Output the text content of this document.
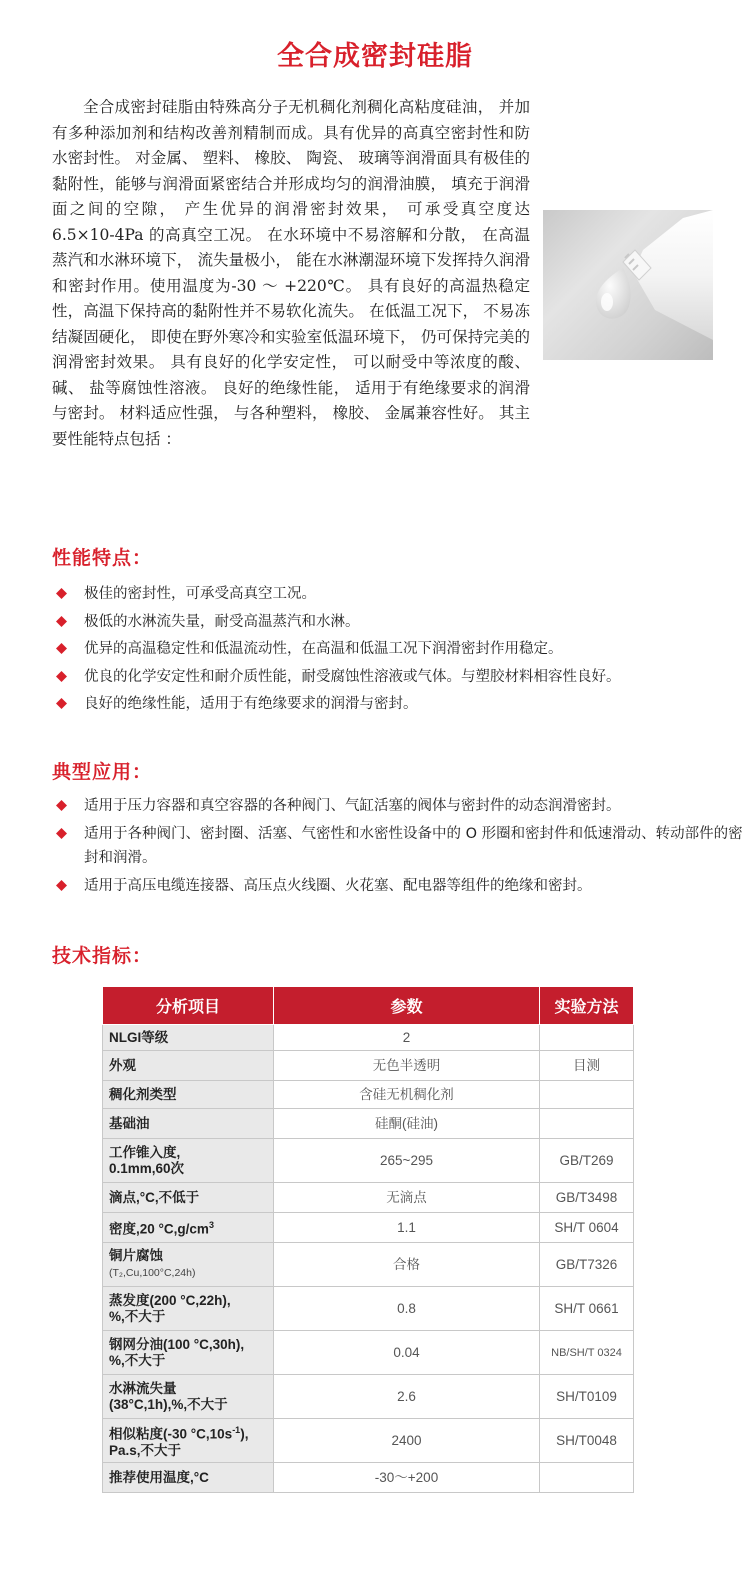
全合成密封硅脂

全合成密封硅脂由特殊高分子无机稠化剂稠化高粘度硅油， 并加有多种添加剂和结构改善剂精制而成。具有优异的高真空密封性和防水密封性。 对金属、 塑料、 橡胶、 陶瓷、 玻璃等润滑面具有极佳的黏附性，能够与润滑面紧密结合并形成均匀的润滑油膜， 填充于润滑面之间的空隙， 产生优异的润滑密封效果， 可承受真空度达 6.5×10-4Pa 的高真空工况。 在水环境中不易溶解和分散， 在高温蒸汽和水淋环境下， 流失量极小， 能在水淋潮湿环境下发挥持久润滑和密封作用。使用温度为-30 ～ +220℃。 具有良好的高温热稳定性，高温下保持高的黏附性并不易软化流失。 在低温工况下， 不易冻结凝固硬化， 即使在野外寒冷和实验室低温环境下， 仍可保持完美的润滑密封效果。 具有良好的化学安定性， 可以耐受中等浓度的酸、 碱、 盐等腐蚀性溶液。 良好的绝缘性能， 适用于有绝缘要求的润滑与密封。 材料适应性强， 与各种塑料， 橡胶、 金属兼容性好。 其主要性能特点包括 ：

性能特点：
极佳的密封性，可承受高真空工况。
极低的水淋流失量，耐受高温蒸汽和水淋。
优异的高温稳定性和低温流动性，在高温和低温工况下润滑密封作用稳定。
优良的化学安定性和耐介质性能，耐受腐蚀性溶液或气体。与塑胶材料相容性良好。
良好的绝缘性能，适用于有绝缘要求的润滑与密封。
典型应用：
适用于压力容器和真空容器的各种阀门、气缸活塞的阀体与密封件的动态润滑密封。
适用于各种阀门、密封圈、活塞、气密性和水密性设备中的 O 形圈和密封件和低速滑动、转动部件的密封和润滑。
适用于高压电缆连接器、高压点火线圈、火花塞、配电器等组件的绝缘和密封。
技术指标：
分析项目	参数	实验方法
NLGI等级	2	
外观	无色半透明	目测
稠化剂类型	含硅无机稠化剂	
基础油	硅酮(硅油)	
工作锥入度,
0.1mm,60次	265~295	GB/T269
滴点,°C,不低于	无滴点	GB/T3498
密度,20 $^\circ C,g/cm^3$	1.1	SH/T 0604
铜片腐蚀
(T₂,Cu,100°C,24h)	合格	GB/T7326
蒸发度(200 °C,22h),
%,不大于	0.8	SH/T 0661
钢网分油(100 °C,30h),
%,不大于	0.04	NB/SH/T 0324
水淋流失量
(38°C,1h),%,不大于	2.6	SH/T0109
相似粘度(-30 $^\circ C,10s^{-1}$),
Pa.s,不大于	2400	SH/T0048
推荐使用温度,°C	-30～+200	
